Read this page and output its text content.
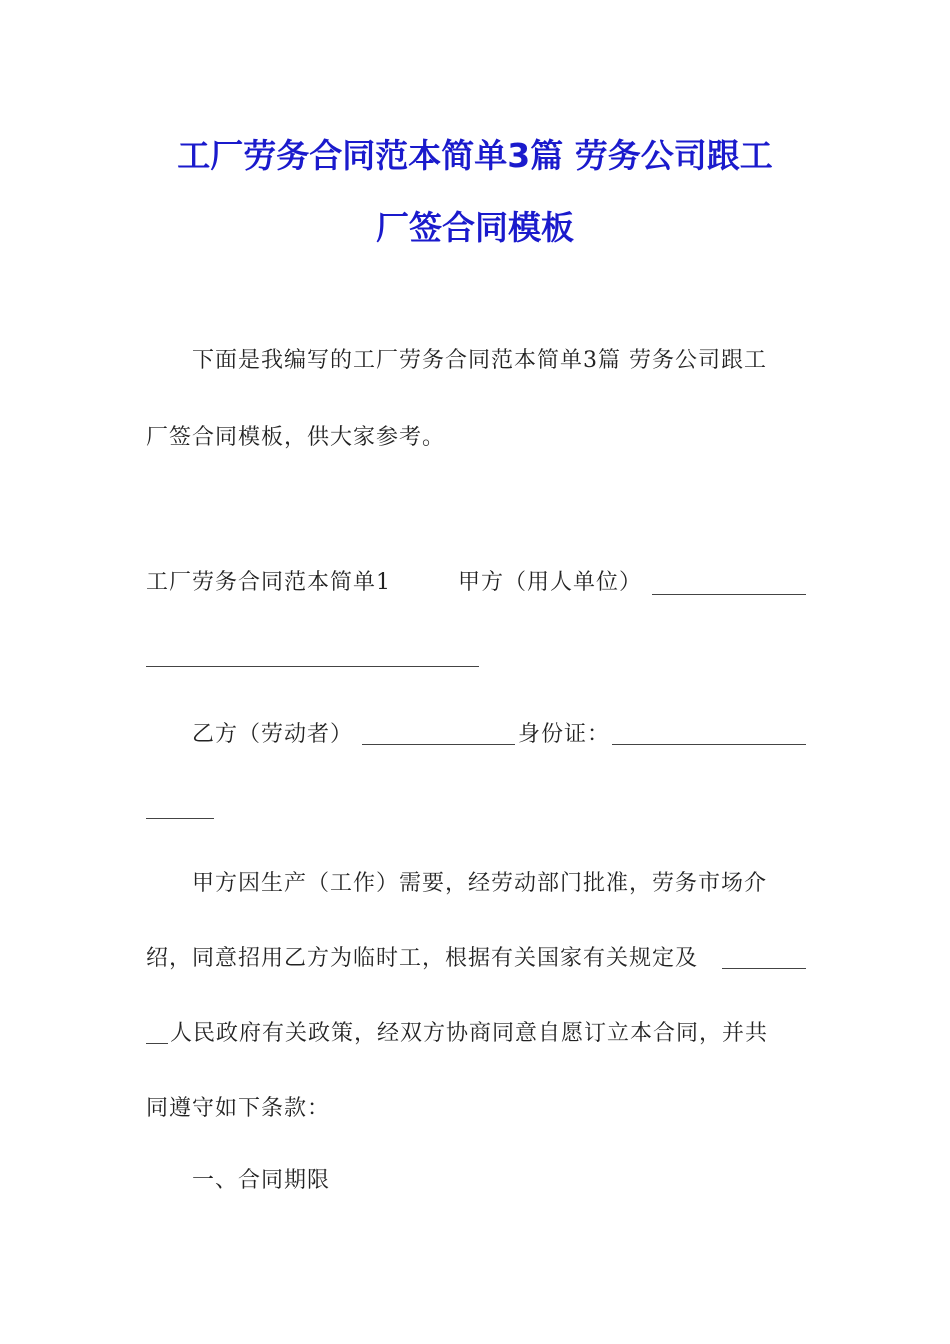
工厂劳务合同范本简单3篇 劳务公司跟工
厂签合同模板
下面是我编写的工厂劳务合同范本简单3篇 劳务公司跟工
厂签合同模板，供大家参考。
工厂劳务合同范本简单1	甲方（用人单位）
乙方（劳动者）	身份证：
甲方因生产（工作）需要，经劳动部门批准，劳务市场介
绍，同意招用乙方为临时工，根据有关国家有关规定及
人民政府有关政策，经双方协商同意自愿订立本合同，并共
同遵守如下条款：
一、合同期限
